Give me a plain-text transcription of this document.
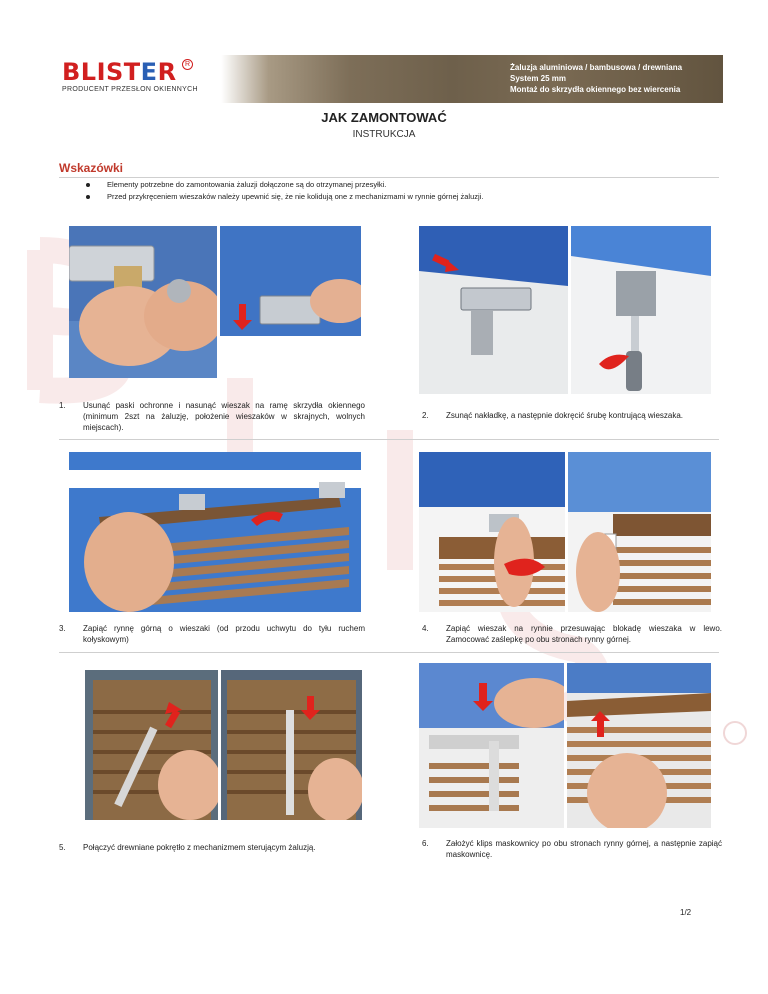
BLISTER	R
PRODUCENT PRZESŁON OKIENNYCH
Żaluzja aluminiowa / bambusowa / drewniana
System 25 mm
Montaż do skrzydła okiennego bez wiercenia
JAK ZAMONTOWAĆ
INSTRUKCJA
Wskazówki
Elementy potrzebne do zamontowania żaluzji dołączone są do otrzymanej przesyłki.
Przed przykręceniem wieszaków należy upewnić się, że nie kolidują one z mechanizmami w rynnie górnej żaluzji.
1. Usunąć paski ochronne i nasunąć wieszak na ramę skrzydła okiennego (minimum 2szt na żaluzję, położenie wieszaków w skrajnych, wolnych miejscach).
2. Zsunąć nakładkę, a następnie dokręcić śrubę kontrującą wieszaka.
3. Zapiąć rynnę górną o wieszaki (od przodu uchwytu do tyłu ruchem kołyskowym)
4. Zapiąć wieszak na rynnie przesuwając blokadę wieszaka w lewo. Zamocować zaślepkę po obu stronach rynny górnej.
5. Połączyć drewniane pokrętło z mechanizmem sterującym żaluzją.	6. Założyć klips maskownicy po obu stronach rynny górnej, a następnie zapiąć maskownicę.
1/2
